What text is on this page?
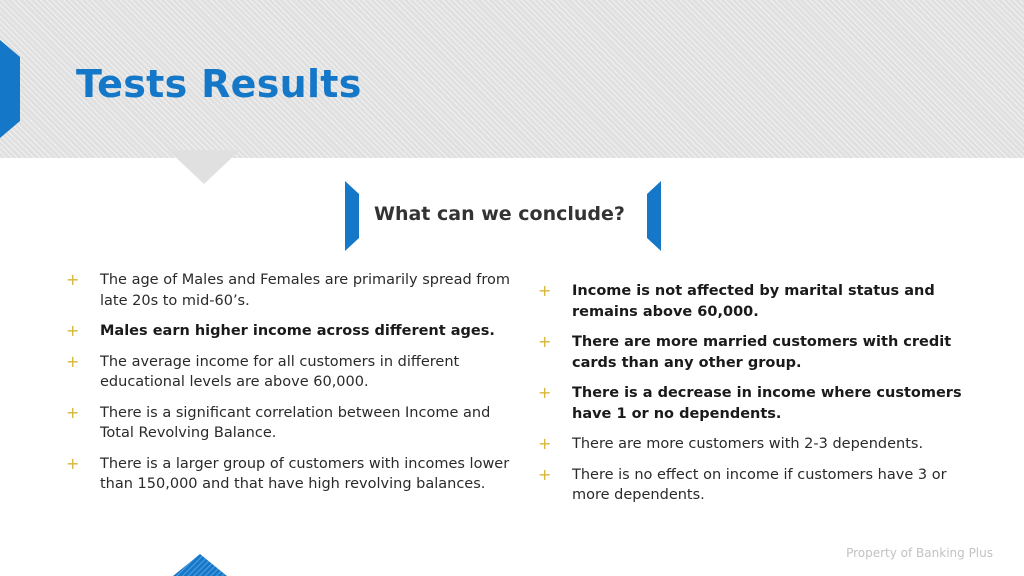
Tests Results
What can we conclude?
+ The age of Males and Females are primarily spread from late 20s to mid-60’s.
+ Males earn higher income across different ages.
+ The average income for all customers in different educational levels are above 60,000.
+ There is a significant correlation between Income and Total Revolving Balance.
+ There is a larger group of customers with incomes lower than 150,000 and that have high revolving balances.
+ Income is not affected by marital status and remains above 60,000.
+ There are more married customers with credit cards than any other group.
+ There is a decrease in income where customers have 1 or no dependents.
+ There are more customers with 2-3 dependents.
+ There is no effect on income if customers have 3 or more dependents.
Property of Banking Plus
